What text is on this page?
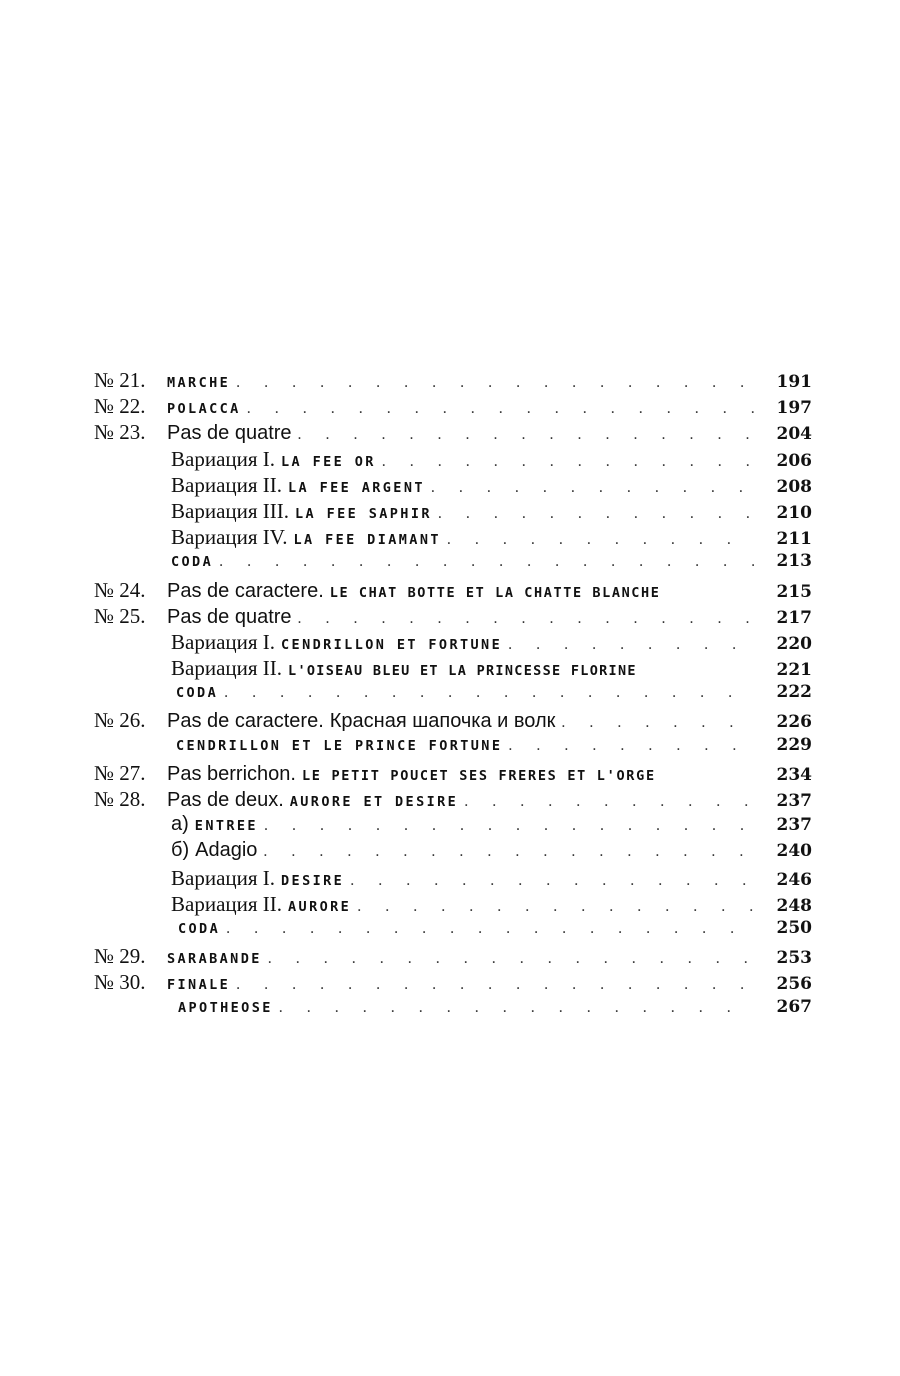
№ 21.	MARCHE . . .	191
№ 22.	POLACCA . . .	197
№ 23.	Pas de quatre . . .	204
Вариация I. LA FEE OR . . .	206
Вариация II. LA FEE ARGENT . . .	208
Вариация III. LA FEE SAPHIR . . .	210
Вариация IV. LA FEE DIAMANT . . .	211
CODA . . .	213
№ 24.	Pas de caractere. LE CHAT BOTTE ET LA CHATTE BLANCHE	215
№ 25.	Pas de quatre . . .	217
Вариация I. CENDRILLON ET FORTUNE . . .	220
Вариация II. L'OISEAU BLEU ET LA PRINCESSE FLORINE	221
CODA . . .	222
№ 26.	Pas de caractere. Красная шапочка и волк . . .	226
CENDRILLON ET LE PRINCE FORTUNE . . .	229
№ 27.	Pas berrichon. LE PETIT POUCET SES FRERES ET L'ORGE	234
№ 28.	Pas de deux. AURORE ET DESIRE . . .	237
а) ENTREE . . .	237
б) Adagio . . .	240
Вариация I. DESIRE . . .	246
Вариация II. AURORE . . .	248
CODA . . .	250
№ 29.	SARABANDE . . .	253
№ 30.	FINALE . . .	256
APOTHEOSE . . .	267
